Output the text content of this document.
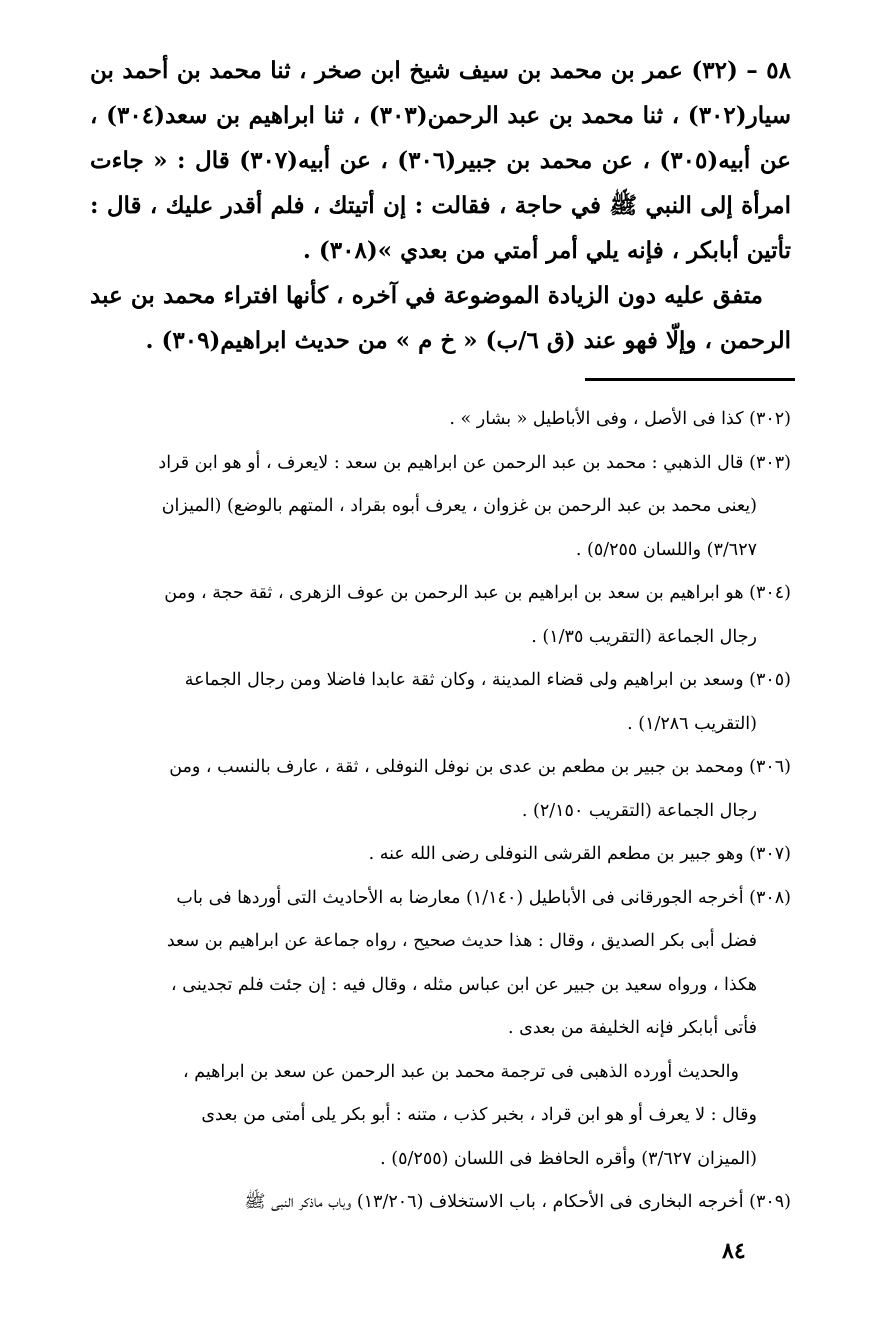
٥٨ – (٣٢) عمر بن محمد بن سيف شيخ ابن صخر ، ثنا محمد بن أحمد بن سيار(٣٠٢) ، ثنا محمد بن عبد الرحمن(٣٠٣) ، ثنا ابراهيم بن سعد(٣٠٤) ، عن أبيه(٣٠٥) ، عن محمد بن جبير(٣٠٦) ، عن أبيه(٣٠٧) قال : « جاءت امرأة إلى النبي ﷺ في حاجة ، فقالت : إن أتيتك ، فلم أقدر عليك ، قال : تأتين أبابكر ، فإنه يلي أمر أمتي من بعدي »(٣٠٨) .

متفق عليه دون الزيادة الموضوعة في آخره ، كأنها افتراء محمد بن عبد الرحمن ، وإلّا فهو عند (ق ٦/ب) « خ م » من حديث ابراهيم(٣٠٩) .

(٣٠٢) كذا فى الأصل ، وفى الأباطيل « بشار » .
(٣٠٣) قال الذهبي : محمد بن عبد الرحمن عن ابراهيم بن سعد : لايعرف ، أو هو ابن قراد
(يعنى محمد بن عبد الرحمن بن غزوان ، يعرف أبوه بقراد ، المتهم بالوضع) (الميزان
٣/٦٢٧) واللسان ٥/٢٥٥) .
(٣٠٤) هو ابراهيم بن سعد بن ابراهيم بن عبد الرحمن بن عوف الزهرى ، ثقة حجة ، ومن
رجال الجماعة (التقريب ١/٣٥) .
(٣٠٥) وسعد بن ابراهيم ولى قضاء المدينة ، وكان ثقة عابدا فاضلا ومن رجال الجماعة
(التقريب ١/٢٨٦) .
(٣٠٦) ومحمد بن جبير بن مطعم بن عدى بن نوفل النوفلى ، ثقة ، عارف بالنسب ، ومن
رجال الجماعة (التقريب ٢/١٥٠) .
(٣٠٧) وهو جبير بن مطعم القرشى النوفلى رضى الله عنه .
(٣٠٨) أخرجه الجورقانى فى الأباطيل (١/١٤٠) معارضا به الأحاديث التى أوردها فى باب
فضل أبى بكر الصديق ، وقال : هذا حديث صحيح ، رواه جماعة عن ابراهيم بن سعد
هكذا ، ورواه سعيد بن جبير عن ابن عباس مثله ، وقال فيه : إن جئت فلم تجدينى ،
فأتى أبابكر فإنه الخليفة من بعدى .
والحديث أورده الذهبى فى ترجمة محمد بن عبد الرحمن عن سعد بن ابراهيم ،
وقال : لا يعرف أو هو ابن قراد ، بخبر كذب ، متنه : أبو بكر يلى أمتى من بعدى
(الميزان ٣/٦٢٧) وأقره الحافظ فى اللسان (٥/٢٥٥) .
(٣٠٩) أخرجه البخارى فى الأحكام ، باب الاستخلاف (١٣/٢٠٦) وباب ماذكر النبى ﷺ
٨٤
